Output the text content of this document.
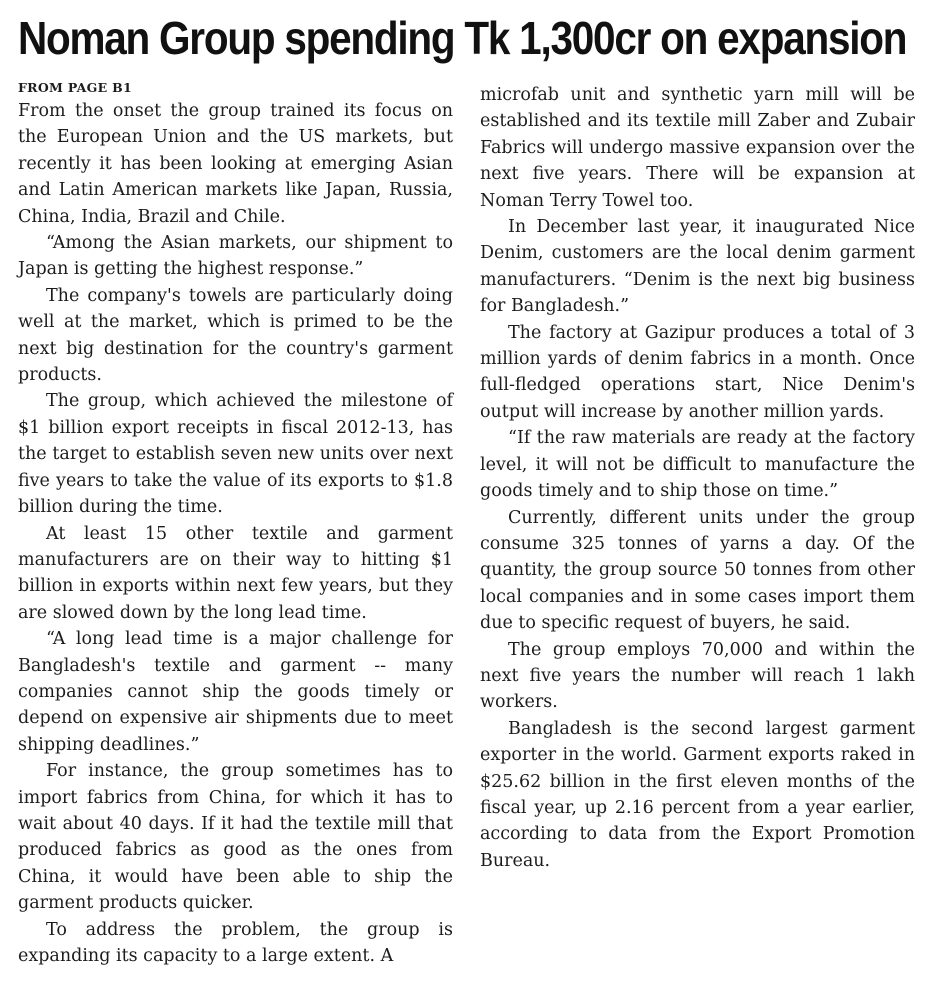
Noman Group spending Tk 1,300cr on expansion
FROM PAGE B1

From the onset the group trained its focus on the European Union and the US markets, but recently it has been looking at emerging Asian and Latin American markets like Japan, Russia, China, India, Brazil and Chile.

“Among the Asian markets, our shipment to Japan is getting the highest response.”

The company's towels are particularly doing well at the market, which is primed to be the next big destination for the country's garment products.

The group, which achieved the milestone of $1 billion export receipts in fiscal 2012-13, has the target to establish seven new units over next five years to take the value of its exports to $1.8 billion during the time.

At least 15 other textile and garment manufacturers are on their way to hitting $1 billion in exports within next few years, but they are slowed down by the long lead time.

“A long lead time is a major challenge for Bangladesh's textile and garment -- many companies cannot ship the goods timely or depend on expensive air shipments due to meet shipping deadlines.”

For instance, the group sometimes has to import fabrics from China, for which it has to wait about 40 days. If it had the textile mill that produced fabrics as good as the ones from China, it would have been able to ship the garment products quicker.

To address the problem, the group is expanding its capacity to a large extent. A

microfab unit and synthetic yarn mill will be established and its textile mill Zaber and Zubair Fabrics will undergo massive expansion over the next five years. There will be expansion at Noman Terry Towel too.

In December last year, it inaugurated Nice Denim, customers are the local denim garment manufacturers. “Denim is the next big business for Bangladesh.”

The factory at Gazipur produces a total of 3 million yards of denim fabrics in a month. Once full-fledged operations start, Nice Denim's output will increase by another million yards.

“If the raw materials are ready at the factory level, it will not be difficult to manufacture the goods timely and to ship those on time.”

Currently, different units under the group consume 325 tonnes of yarns a day. Of the quantity, the group source 50 tonnes from other local companies and in some cases import them due to specific request of buyers, he said.

The group employs 70,000 and within the next five years the number will reach 1 lakh workers.

Bangladesh is the second largest garment exporter in the world. Garment exports raked in $25.62 billion in the first eleven months of the fiscal year, up 2.16 percent from a year earlier, according to data from the Export Promotion Bureau.
